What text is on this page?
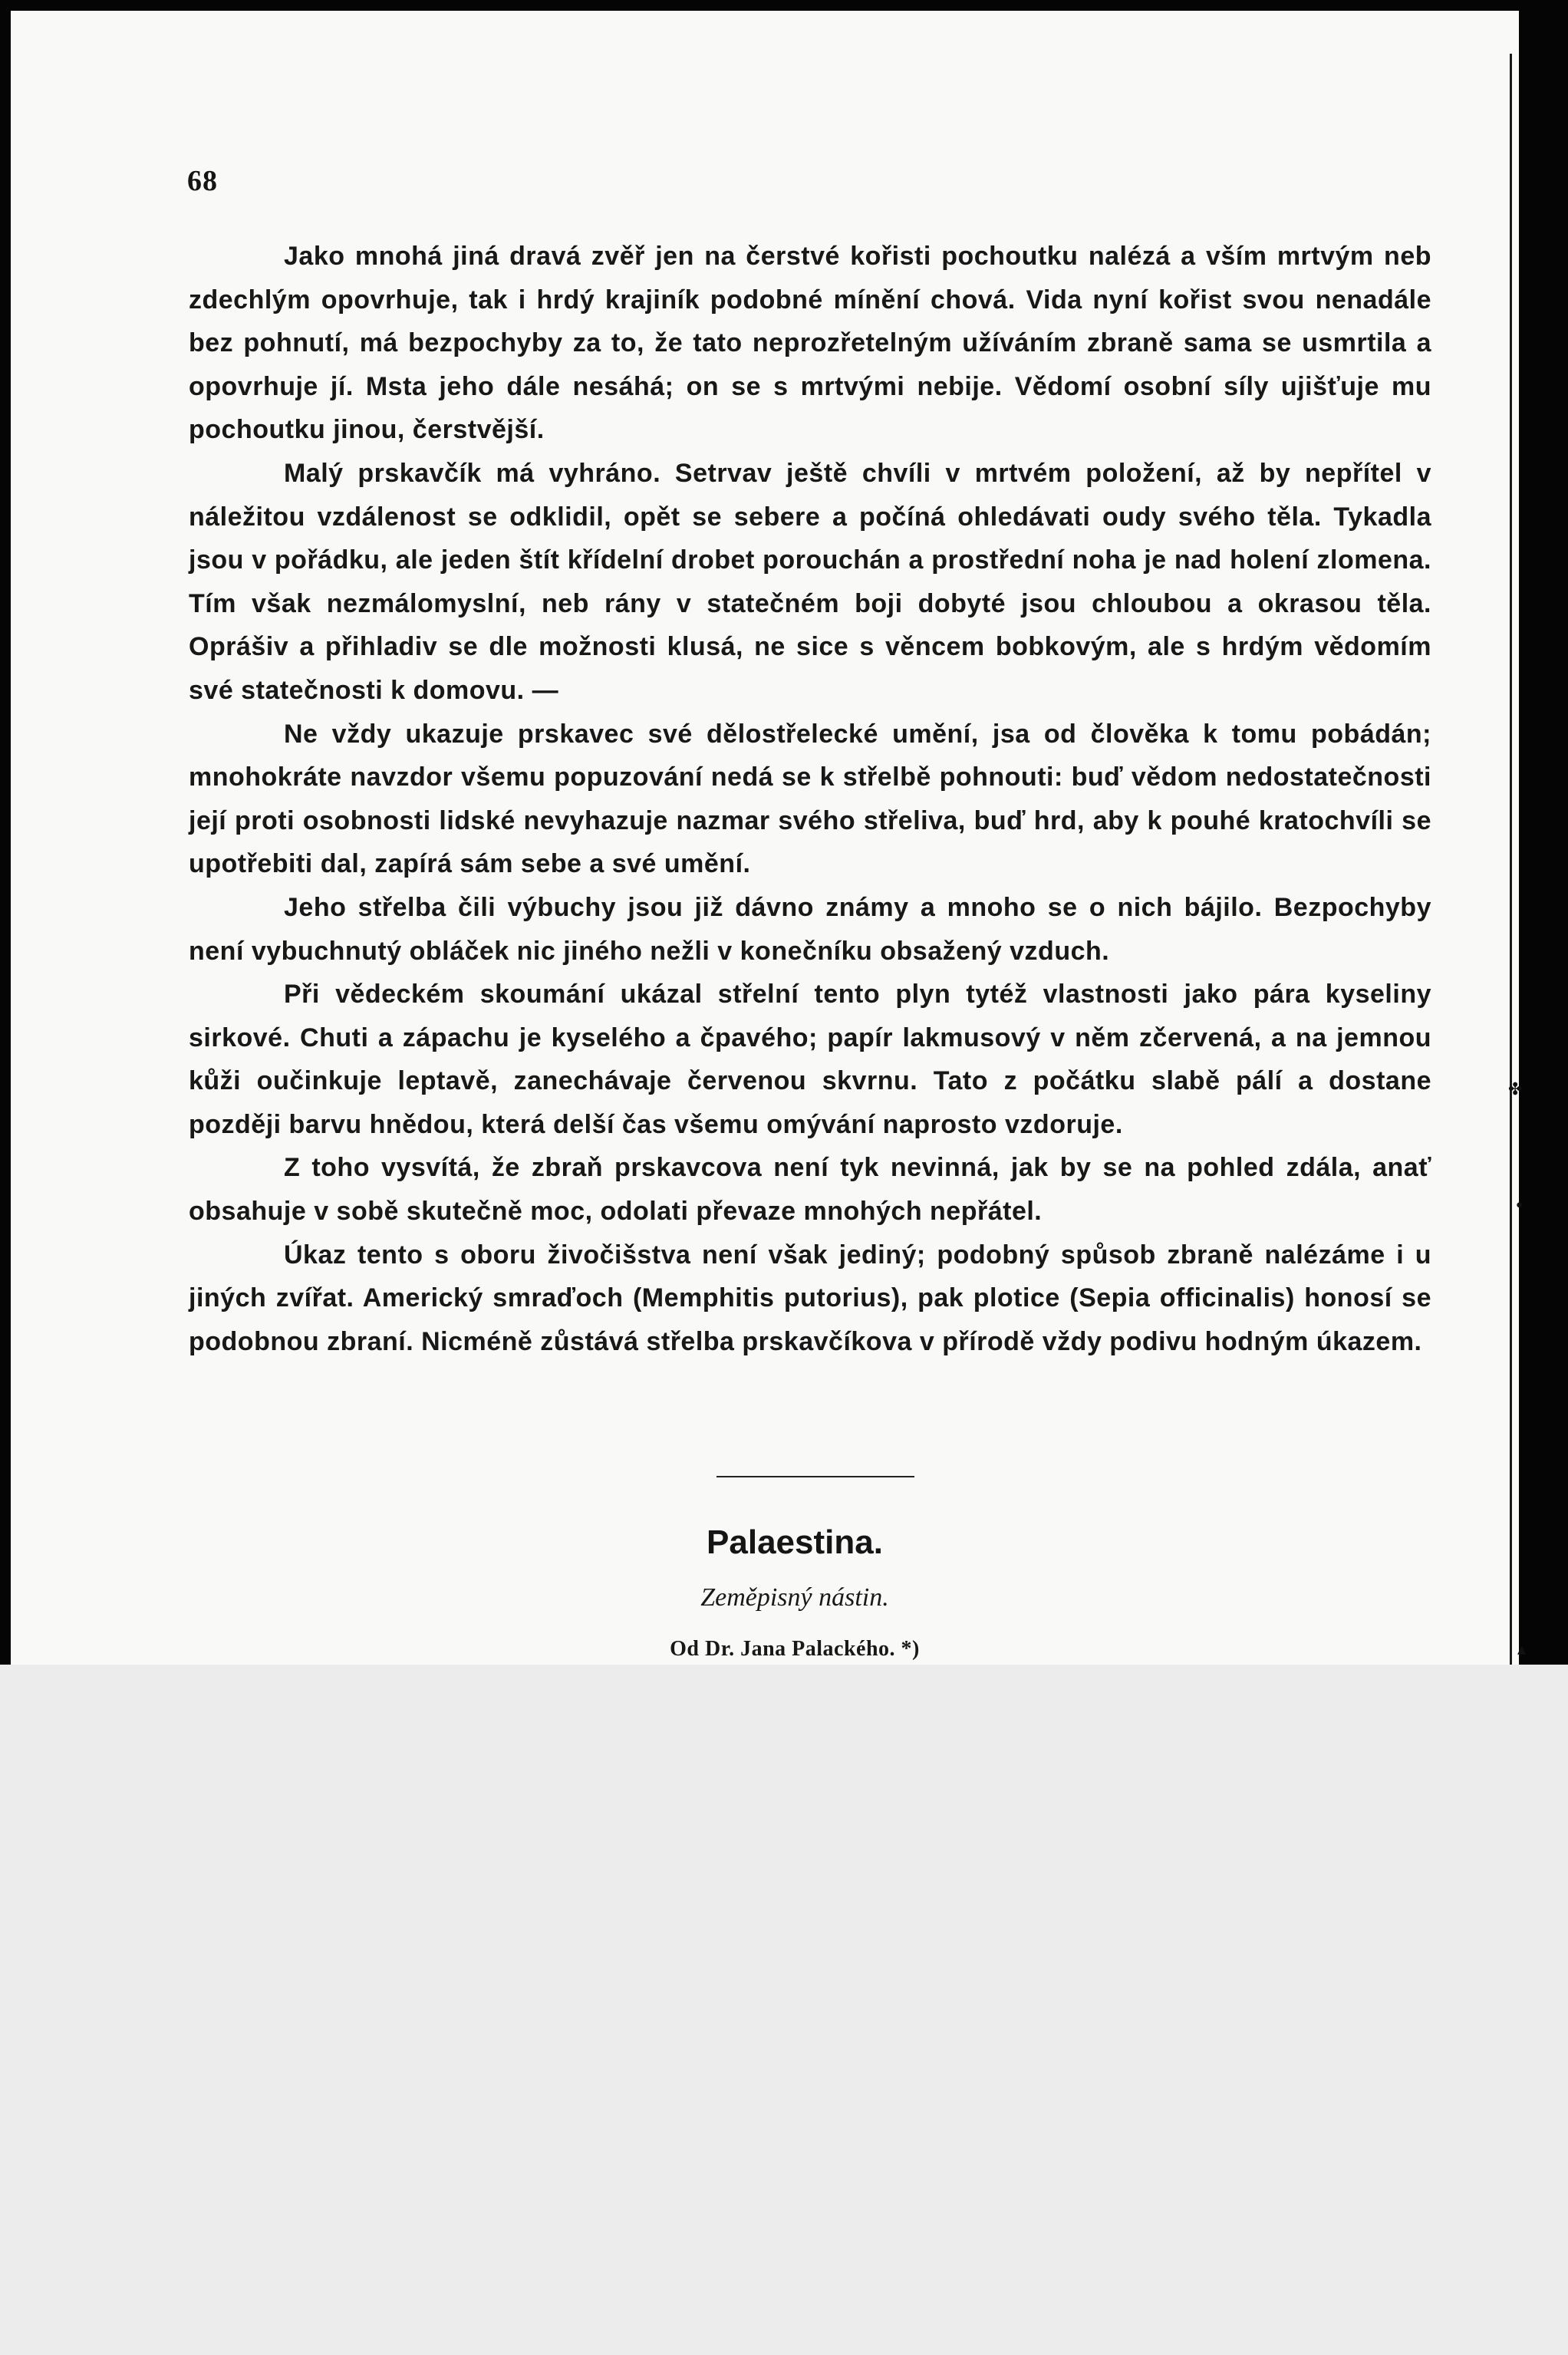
68

Jako mnohá jiná dravá zvěř jen na čerstvé kořisti pochoutku nalézá a vším mrtvým neb zdechlým opovrhuje, tak i hrdý krajiník podobné mínění chová. Vida nyní kořist svou nenadále bez pohnutí, má bezpochyby za to, že tato neprozřetelným užíváním zbraně sama se usmrtila a opovrhuje jí. Msta jeho dále nesáhá; on se s mrtvými nebije. Vědomí osobní síly ujišťuje mu pochoutku jinou, čerstvější.

Malý prskavčík má vyhráno. Setrvav ještě chvíli v mrtvém položení, až by nepřítel v náležitou vzdálenost se odklidil, opět se sebere a počíná ohledávati oudy svého těla. Tykadla jsou v pořádku, ale jeden štít křídelní drobet porouchán a prostřední noha je nad holení zlomena. Tím však nezmálomyslní, neb rány v statečném boji dobyté jsou chloubou a okrasou těla. Oprášiv a přihladiv se dle možnosti klusá, ne sice s věncem bobkovým, ale s hrdým vědomím své statečnosti k domovu. —

Ne vždy ukazuje prskavec své dělostřelecké umění, jsa od člověka k tomu pobádán; mnohokráte navzdor všemu popuzování nedá se k střelbě pohnouti: buď vědom nedostatečnosti její proti osobnosti lidské nevyhazuje nazmar svého střeliva, buď hrd, aby k pouhé kratochvíli se upotřebiti dal, zapírá sám sebe a své umění.

Jeho střelba čili výbuchy jsou již dávno známy a mnoho se o nich bájilo. Bezpochyby není vybuchnutý obláček nic jiného nežli v konečníku obsažený vzduch.

Při vědeckém skoumání ukázal střelní tento plyn tytéž vlastnosti jako pára kyseliny sirkové. Chuti a zápachu je kyselého a čpavého; papír lakmusový v něm zčervená, a na jemnou kůži oučinkuje leptavě, zanechávaje červenou skvrnu. Tato z počátku slabě pálí a dostane později barvu hnědou, která delší čas všemu omývání naprosto vzdoruje.

Z toho vysvítá, že zbraň prskavcova není tyk nevinná, jak by se na pohled zdála, anať obsahuje v sobě skutečně moc, odolati převaze mnohých nepřátel.

Úkaz tento s oboru živočišstva není však jediný; podobný spůsob zbraně nalézáme i u jiných zvířat. Americký smraďoch (Memphitis putorius), pak plotice (Sepia officinalis) honosí se podobnou zbraní. Nicméně zůstává střelba prskavčíkova v přírodě vždy podivu hodným úkazem.

Palaestina.
Zeměpisný nástin.
Od Dr. Jana Palackého. *)
✤
•
▴
